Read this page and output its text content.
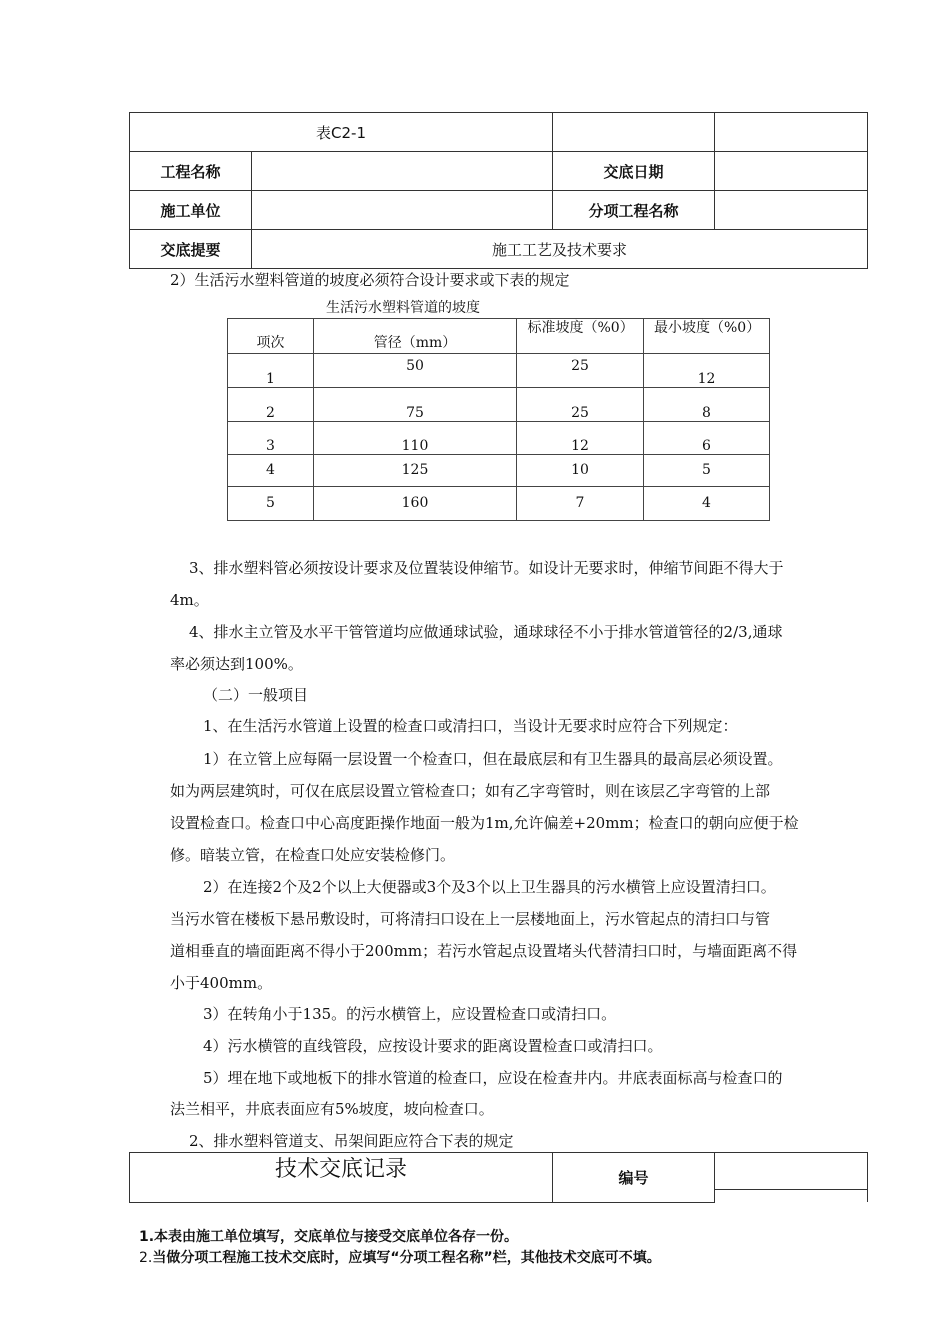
表C2-1			
工程名称		交底日期	
施工单位		分项工程名称	
交底提要	施工工艺及技术要求		
2）生活污水塑料管道的坡度必须符合设计要求或下表的规定
生活污水塑料管道的坡度
项次	管径（mm）	标准坡度（%0）	最小坡度（%0）

1	50	25	12
2	75	25	8
3	110	12	6
4	125	10	5
5	160	7	4
3、排水塑料管必须按设计要求及位置装设伸缩节。如设计无要求时，伸缩节间距不得大于
4m。
4、排水主立管及水平干管管道均应做通球试验，通球球径不小于排水管道管径的2/3,通球
率必须达到100%。
（二）一般项目
1、在生活污水管道上设置的检查口或清扫口，当设计无要求时应符合下列规定：
1）在立管上应每隔一层设置一个检查口，但在最底层和有卫生器具的最高层必须设置。
如为两层建筑时，可仅在底层设置立管检查口；如有乙字弯管时，则在该层乙字弯管的上部
设置检查口。检查口中心高度距操作地面一般为1m,允许偏差+20mm；检查口的朝向应便于检
修。暗装立管，在检查口处应安装检修门。
2）在连接2个及2个以上大便器或3个及3个以上卫生器具的污水横管上应设置清扫口。
当污水管在楼板下悬吊敷设时，可将清扫口设在上一层楼地面上，污水管起点的清扫口与管
道相垂直的墙面距离不得小于200mm；若污水管起点设置堵头代替清扫口时，与墙面距离不得
小于400mm。
3）在转角小于135。的污水横管上，应设置检查口或清扫口。
4）污水横管的直线管段，应按设计要求的距离设置检查口或清扫口。
5）埋在地下或地板下的排水管道的检查口，应设在检查井内。井底表面标高与检查口的
法兰相平，井底表面应有5%坡度，坡向检查口。
2、排水塑料管道支、吊架间距应符合下表的规定
技术交底记录	编号	

1.本表由施工单位填写，交底单位与接受交底单位各存一份。
2.当做分项工程施工技术交底时，应填写“分项工程名称”栏，其他技术交底可不填。
